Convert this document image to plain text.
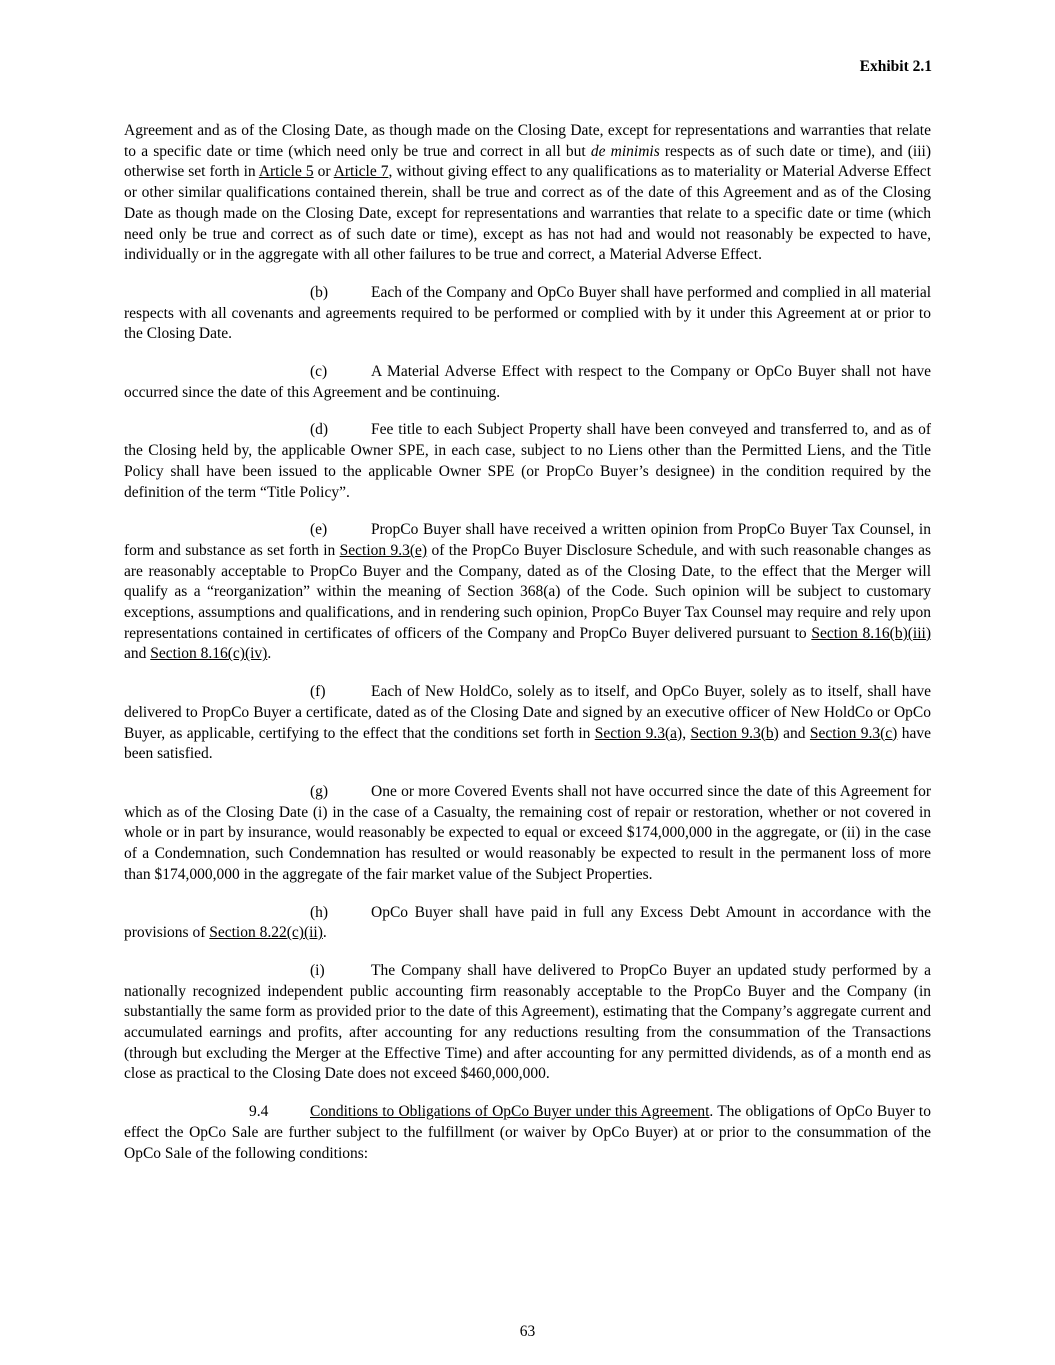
Exhibit 2.1

Agreement and as of the Closing Date, as though made on the Closing Date, except for representations and warranties that relate to a specific date or time (which need only be true and correct in all but de minimis respects as of such date or time), and (iii) otherwise set forth in Article 5 or Article 7, without giving effect to any qualifications as to materiality or Material Adverse Effect or other similar qualifications contained therein, shall be true and correct as of the date of this Agreement and as of the Closing Date as though made on the Closing Date, except for representations and warranties that relate to a specific date or time (which need only be true and correct as of such date or time), except as has not had and would not reasonably be expected to have, individually or in the aggregate with all other failures to be true and correct, a Material Adverse Effect.

(b)	Each of the Company and OpCo Buyer shall have performed and complied in all material respects with all covenants and agreements required to be performed or complied with by it under this Agreement at or prior to the Closing Date.

(c)	A Material Adverse Effect with respect to the Company or OpCo Buyer shall not have occurred since the date of this Agreement and be continuing.

(d)	Fee title to each Subject Property shall have been conveyed and transferred to, and as of the Closing held by, the applicable Owner SPE, in each case, subject to no Liens other than the Permitted Liens, and the Title Policy shall have been issued to the applicable Owner SPE (or PropCo Buyer’s designee) in the condition required by the definition of the term “Title Policy”.

(e)	PropCo Buyer shall have received a written opinion from PropCo Buyer Tax Counsel, in form and substance as set forth in Section 9.3(e) of the PropCo Buyer Disclosure Schedule, and with such reasonable changes as are reasonably acceptable to PropCo Buyer and the Company, dated as of the Closing Date, to the effect that the Merger will qualify as a “reorganization” within the meaning of Section 368(a) of the Code. Such opinion will be subject to customary exceptions, assumptions and qualifications, and in rendering such opinion, PropCo Buyer Tax Counsel may require and rely upon representations contained in certificates of officers of the Company and PropCo Buyer delivered pursuant to Section 8.16(b)(iii) and Section 8.16(c)(iv).

(f)	Each of New HoldCo, solely as to itself, and OpCo Buyer, solely as to itself, shall have delivered to PropCo Buyer a certificate, dated as of the Closing Date and signed by an executive officer of New HoldCo or OpCo Buyer, as applicable, certifying to the effect that the conditions set forth in Section 9.3(a), Section 9.3(b) and Section 9.3(c) have been satisfied.

(g)	One or more Covered Events shall not have occurred since the date of this Agreement for which as of the Closing Date (i) in the case of a Casualty, the remaining cost of repair or restoration, whether or not covered in whole or in part by insurance, would reasonably be expected to equal or exceed $174,000,000 in the aggregate, or (ii) in the case of a Condemnation, such Condemnation has resulted or would reasonably be expected to result in the permanent loss of more than $174,000,000 in the aggregate of the fair market value of the Subject Properties.

(h)	OpCo Buyer shall have paid in full any Excess Debt Amount in accordance with the provisions of Section 8.22(c)(ii).

(i)	The Company shall have delivered to PropCo Buyer an updated study performed by a nationally recognized independent public accounting firm reasonably acceptable to the PropCo Buyer and the Company (in substantially the same form as provided prior to the date of this Agreement), estimating that the Company’s aggregate current and accumulated earnings and profits, after accounting for any reductions resulting from the consummation of the Transactions (through but excluding the Merger at the Effective Time) and after accounting for any permitted dividends, as of a month end as close as practical to the Closing Date does not exceed $460,000,000.

9.4	Conditions to Obligations of OpCo Buyer under this Agreement. The obligations of OpCo Buyer to effect the OpCo Sale are further subject to the fulfillment (or waiver by OpCo Buyer) at or prior to the consummation of the OpCo Sale of the following conditions:

63
